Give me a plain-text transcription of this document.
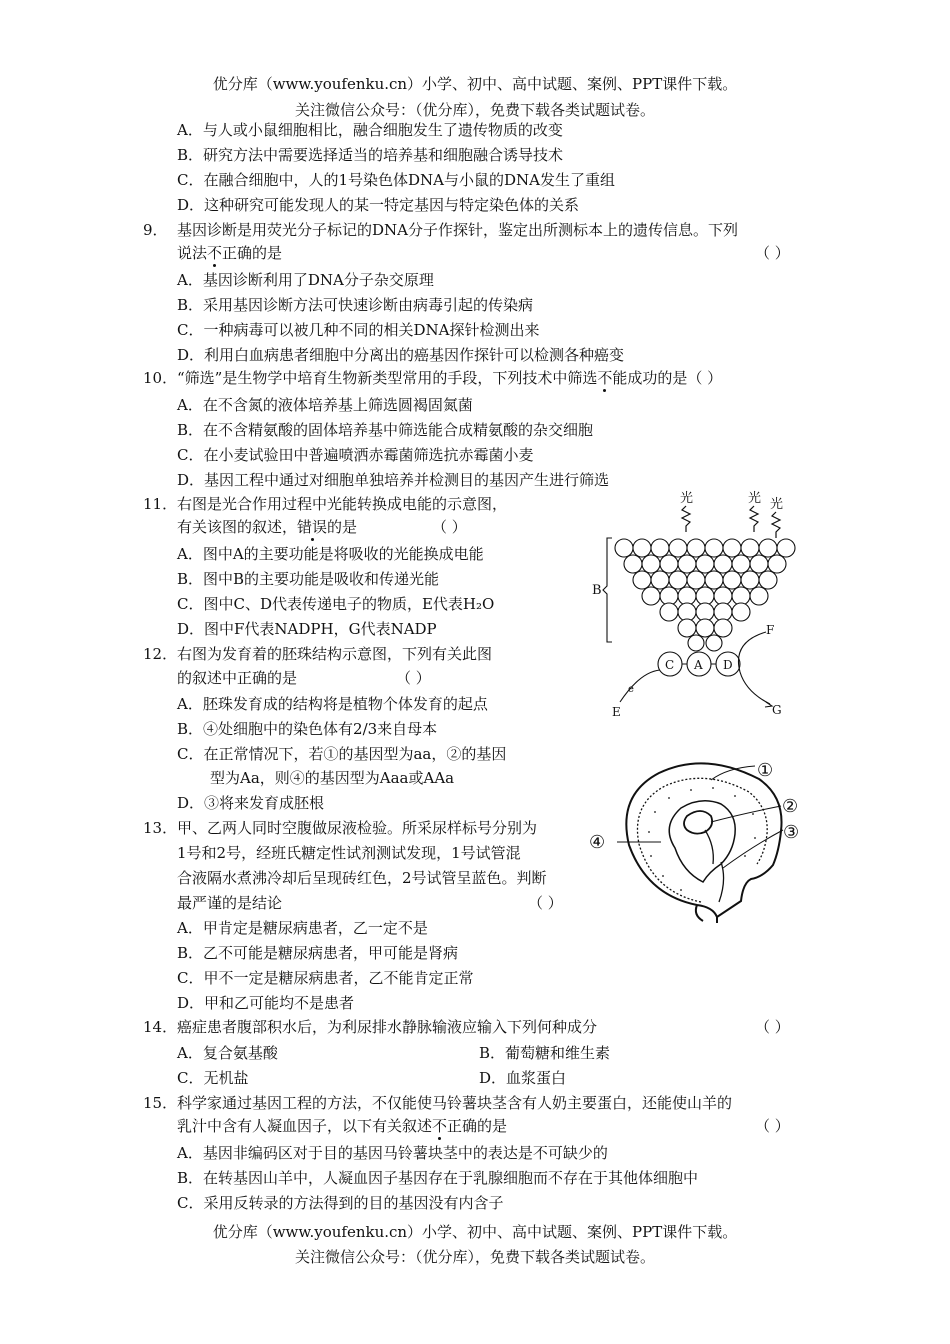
优分库（www.youfenku.cn）小学、初中、高中试题、案例、PPT课件下载。
关注微信公众号：（优分库），免费下载各类试题试卷。
A．与人或小鼠细胞相比，融合细胞发生了遗传物质的改变
B．研究方法中需要选择适当的培养基和细胞融合诱导技术
C．在融合细胞中，人的1号染色体DNA与小鼠的DNA发生了重组
D．这种研究可能发现人的某一特定基因与特定染色体的关系
9． 基因诊断是用荧光分子标记的DNA分子作探针，鉴定出所测标本上的遗传信息。下列
说法不正确的是	（ ）
A．基因诊断利用了DNA分子杂交原理
B．采用基因诊断方法可快速诊断由病毒引起的传染病
C．一种病毒可以被几种不同的相关DNA探针检测出来
D．利用白血病患者细胞中分离出的癌基因作探针可以检测各种癌变
10． “筛选”是生物学中培育生物新类型常用的手段，下列技术中筛选不能成功的是（ ）
A．在不含氮的液体培养基上筛选圆褐固氮菌
B．在不含精氨酸的固体培养基中筛选能合成精氨酸的杂交细胞
C．在小麦试验田中普遍喷洒赤霉菌筛选抗赤霉菌小麦
D．基因工程中通过对细胞单独培养并检测目的基因产生进行筛选
11． 右图是光合作用过程中光能转换成电能的示意图，
有关该图的叙述，错误的是	（ ）
A．图中A的主要功能是将吸收的光能换成电能
B．图中B的主要功能是吸收和传递光能
C．图中C、D代表传递电子的物质，E代表H₂O
D．图中F代表NADPH，G代表NADP
12． 右图为发育着的胚珠结构示意图，下列有关此图
的叙述中正确的是	（ ）
A．胚珠发育成的结构将是植物个体发育的起点
B．④处细胞中的染色体有2/3来自母本
C．在正常情况下，若①的基因型为aa，②的基因
型为Aa，则④的基因型为Aaa或AAa
D．③将来发育成胚根
13． 甲、乙两人同时空腹做尿液检验。所采尿样标号分别为
1号和2号，经班氏糖定性试剂测试发现，1号试管混
合液隔水煮沸冷却后呈现砖红色，2号试管呈蓝色。判断
最严谨的是结论	（ ）
A．甲肯定是糖尿病患者，乙一定不是
B．乙不可能是糖尿病患者，甲可能是肾病
C．甲不一定是糖尿病患者，乙不能肯定正常
D．甲和乙可能均不是患者
14． 癌症患者腹部积水后，为利尿排水静脉输液应输入下列何种成分	（ ）
A．复合氨基酸	B．葡萄糖和维生素
C．无机盐	D．血浆蛋白
15． 科学家通过基因工程的方法，不仅能使马铃薯块茎含有人奶主要蛋白，还能使山羊的
乳汁中含有人凝血因子，以下有关叙述不正确的是	（ ）
A．基因非编码区对于目的基因马铃薯块茎中的表达是不可缺少的
B．在转基因山羊中，人凝血因子基因存在于乳腺细胞而不存在于其他体细胞中
C．采用反转录的方法得到的目的基因没有内含子
优分库（www.youfenku.cn）小学、初中、高中试题、案例、PPT课件下载。
关注微信公众号：（优分库），免费下载各类试题试卷。
光	光 光
B
C A D
e
E
F
G
①
②
③
④
